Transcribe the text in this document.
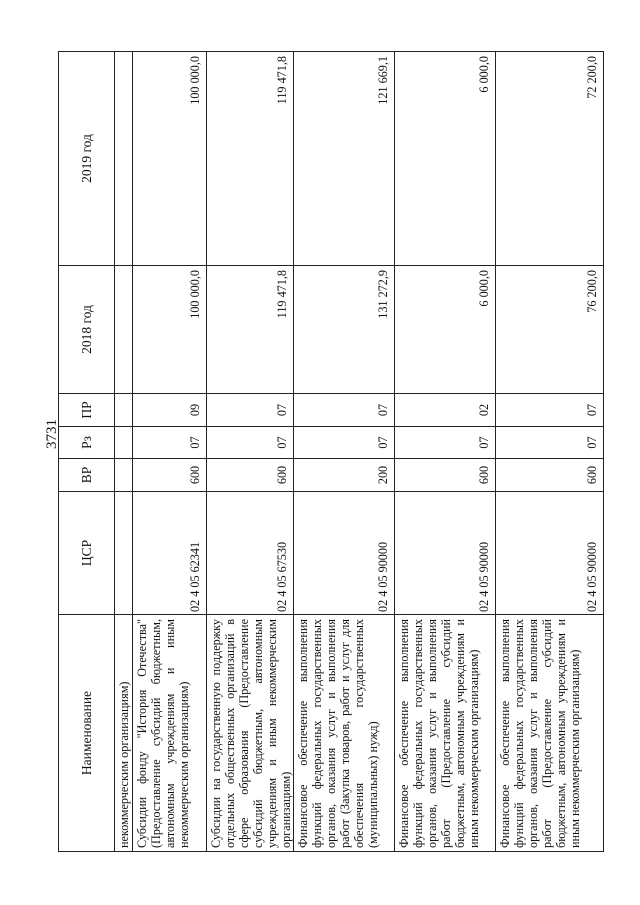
3731
Наименование	ЦСР	ВР	Рз	ПР	2018 год	2019 год
некоммерческим организациям)						
Субсидии фонду "История Отечества" (Предоставление субсидий бюджетным, автономным учреждениям и иным некоммерческим организациям)	02 4 05 62341	600	07	09	100 000,0	100 000,0
Субсидии на государственную поддержку отдельных общественных организаций в сфере образования (Предоставление субсидий бюджетным, автономным учреждениям и иным некоммерческим организациям)	02 4 05 67530	600	07	07	119 471,8	119 471,8
Финансовое обеспечение выполнения функций федеральных государственных органов, оказания услуг и выполнения работ (Закупка товаров, работ и услуг для обеспечения государственных (муниципальных) нужд)	02 4 05 90000	200	07	07	131 272,9	121 669,1
Финансовое обеспечение выполнения функций федеральных государственных органов, оказания услуг и выполнения работ (Предоставление субсидий бюджетным, автономным учреждениям и иным некоммерческим организациям)	02 4 05 90000	600	07	02	6 000,0	6 000,0
Финансовое обеспечение выполнения функций федеральных государственных органов, оказания услуг и выполнения работ (Предоставление субсидий бюджетным, автономным учреждениям и иным некоммерческим организациям)	02 4 05 90000	600	07	07	76 200,0	72 200,0
